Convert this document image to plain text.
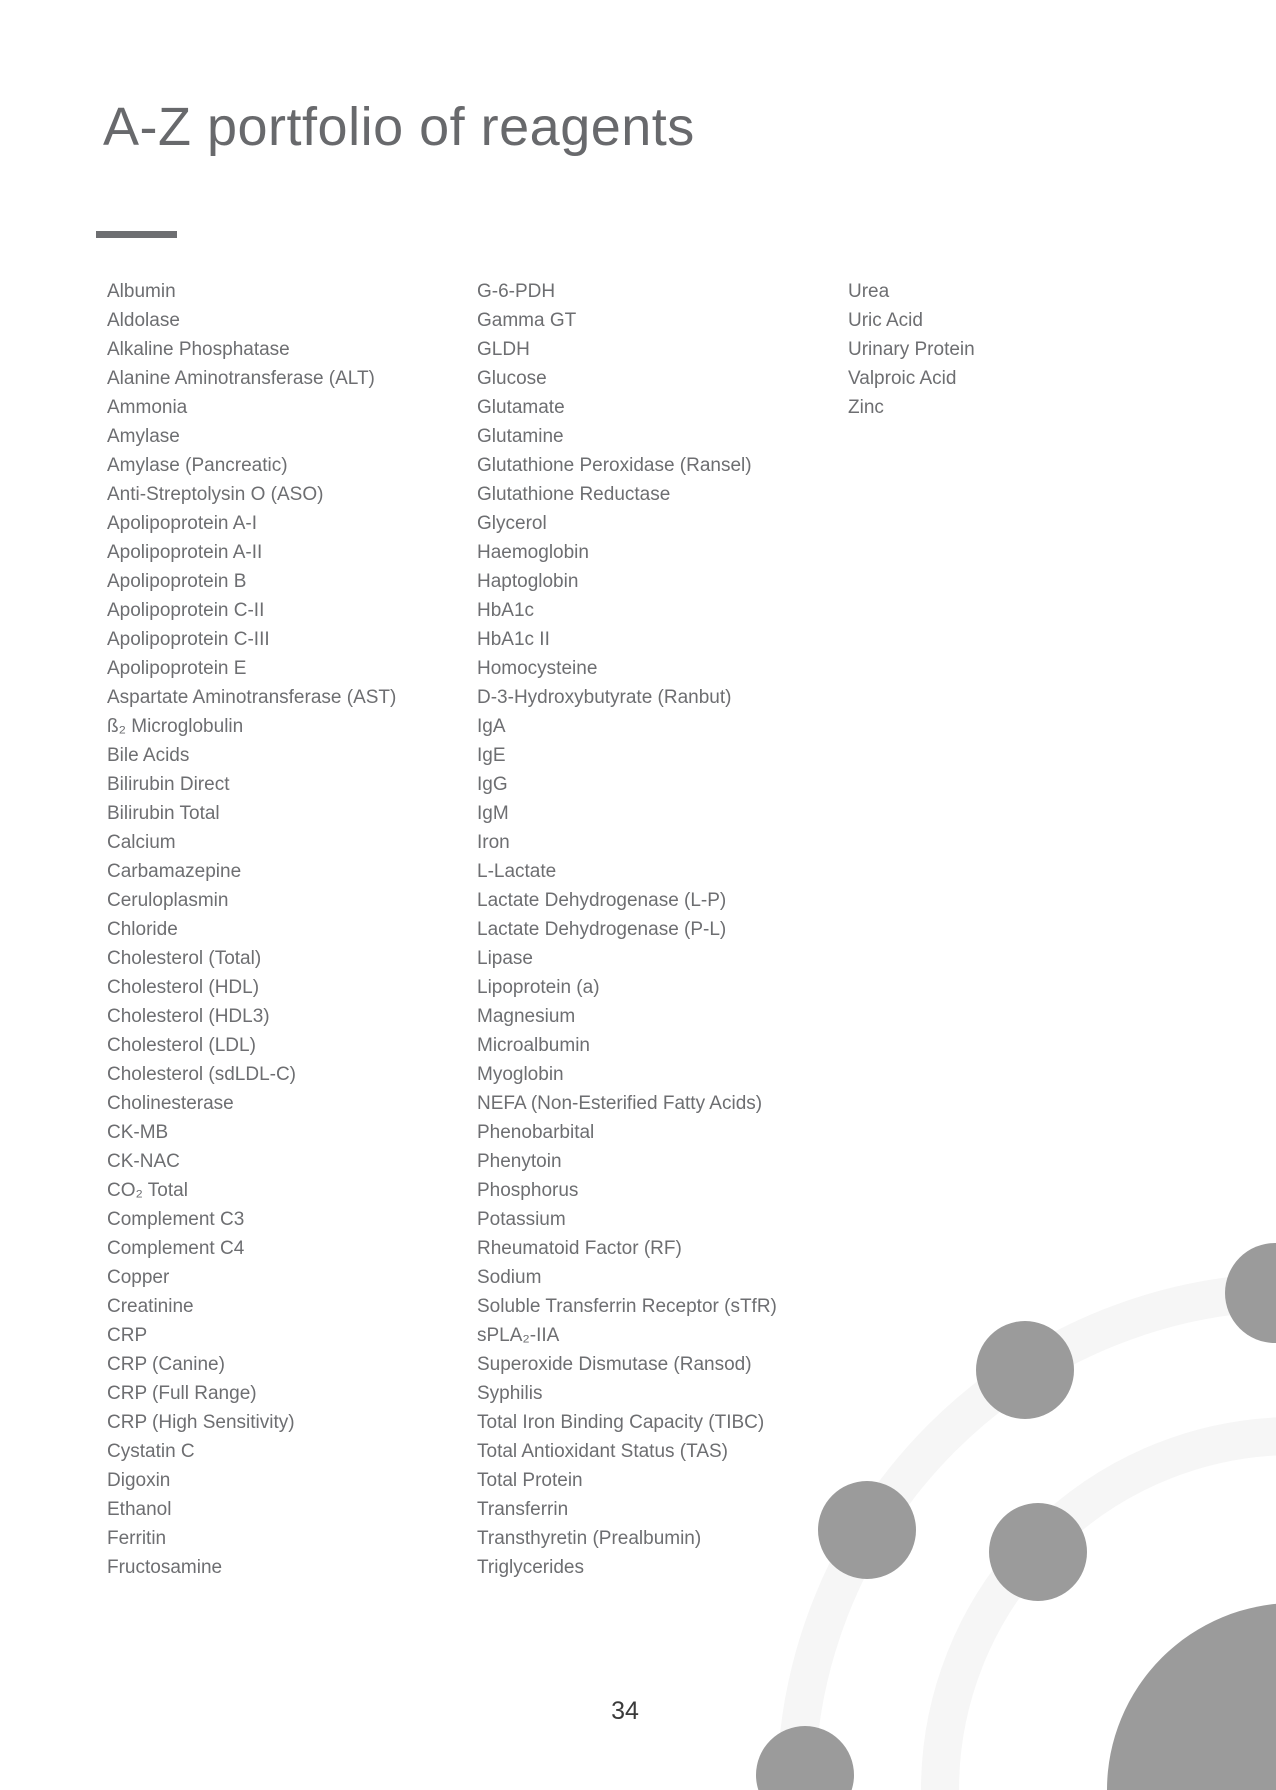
A-Z portfolio of reagents
Albumin
Aldolase
Alkaline Phosphatase
Alanine Aminotransferase (ALT)
Ammonia
Amylase
Amylase (Pancreatic)
Anti-Streptolysin O (ASO)
Apolipoprotein A-I
Apolipoprotein A-II
Apolipoprotein B
Apolipoprotein C-II
Apolipoprotein C-III
Apolipoprotein E
Aspartate Aminotransferase (AST)
ß₂ Microglobulin
Bile Acids
Bilirubin Direct
Bilirubin Total
Calcium
Carbamazepine
Ceruloplasmin
Chloride
Cholesterol (Total)
Cholesterol (HDL)
Cholesterol (HDL3)
Cholesterol (LDL)
Cholesterol (sdLDL-C)
Cholinesterase
CK-MB
CK-NAC
CO₂ Total
Complement C3
Complement C4
Copper
Creatinine
CRP
CRP (Canine)
CRP (Full Range)
CRP (High Sensitivity)
Cystatin C
Digoxin
Ethanol
Ferritin
Fructosamine
G-6-PDH
Gamma GT
GLDH
Glucose
Glutamate
Glutamine
Glutathione Peroxidase (Ransel)
Glutathione Reductase
Glycerol
Haemoglobin
Haptoglobin
HbA1c
HbA1c II
Homocysteine
D-3-Hydroxybutyrate (Ranbut)
IgA
IgE
IgG
IgM
Iron
L-Lactate
Lactate Dehydrogenase (L-P)
Lactate Dehydrogenase (P-L)
Lipase
Lipoprotein (a)
Magnesium
Microalbumin
Myoglobin
NEFA (Non-Esterified Fatty Acids)
Phenobarbital
Phenytoin
Phosphorus
Potassium
Rheumatoid Factor (RF)
Sodium
Soluble Transferrin Receptor (sTfR)
sPLA₂-IIA
Superoxide Dismutase (Ransod)
Syphilis
Total Iron Binding Capacity (TIBC)
Total Antioxidant Status (TAS)
Total Protein
Transferrin
Transthyretin (Prealbumin)
Triglycerides
Urea
Uric Acid
Urinary Protein
Valproic Acid
Zinc
34
